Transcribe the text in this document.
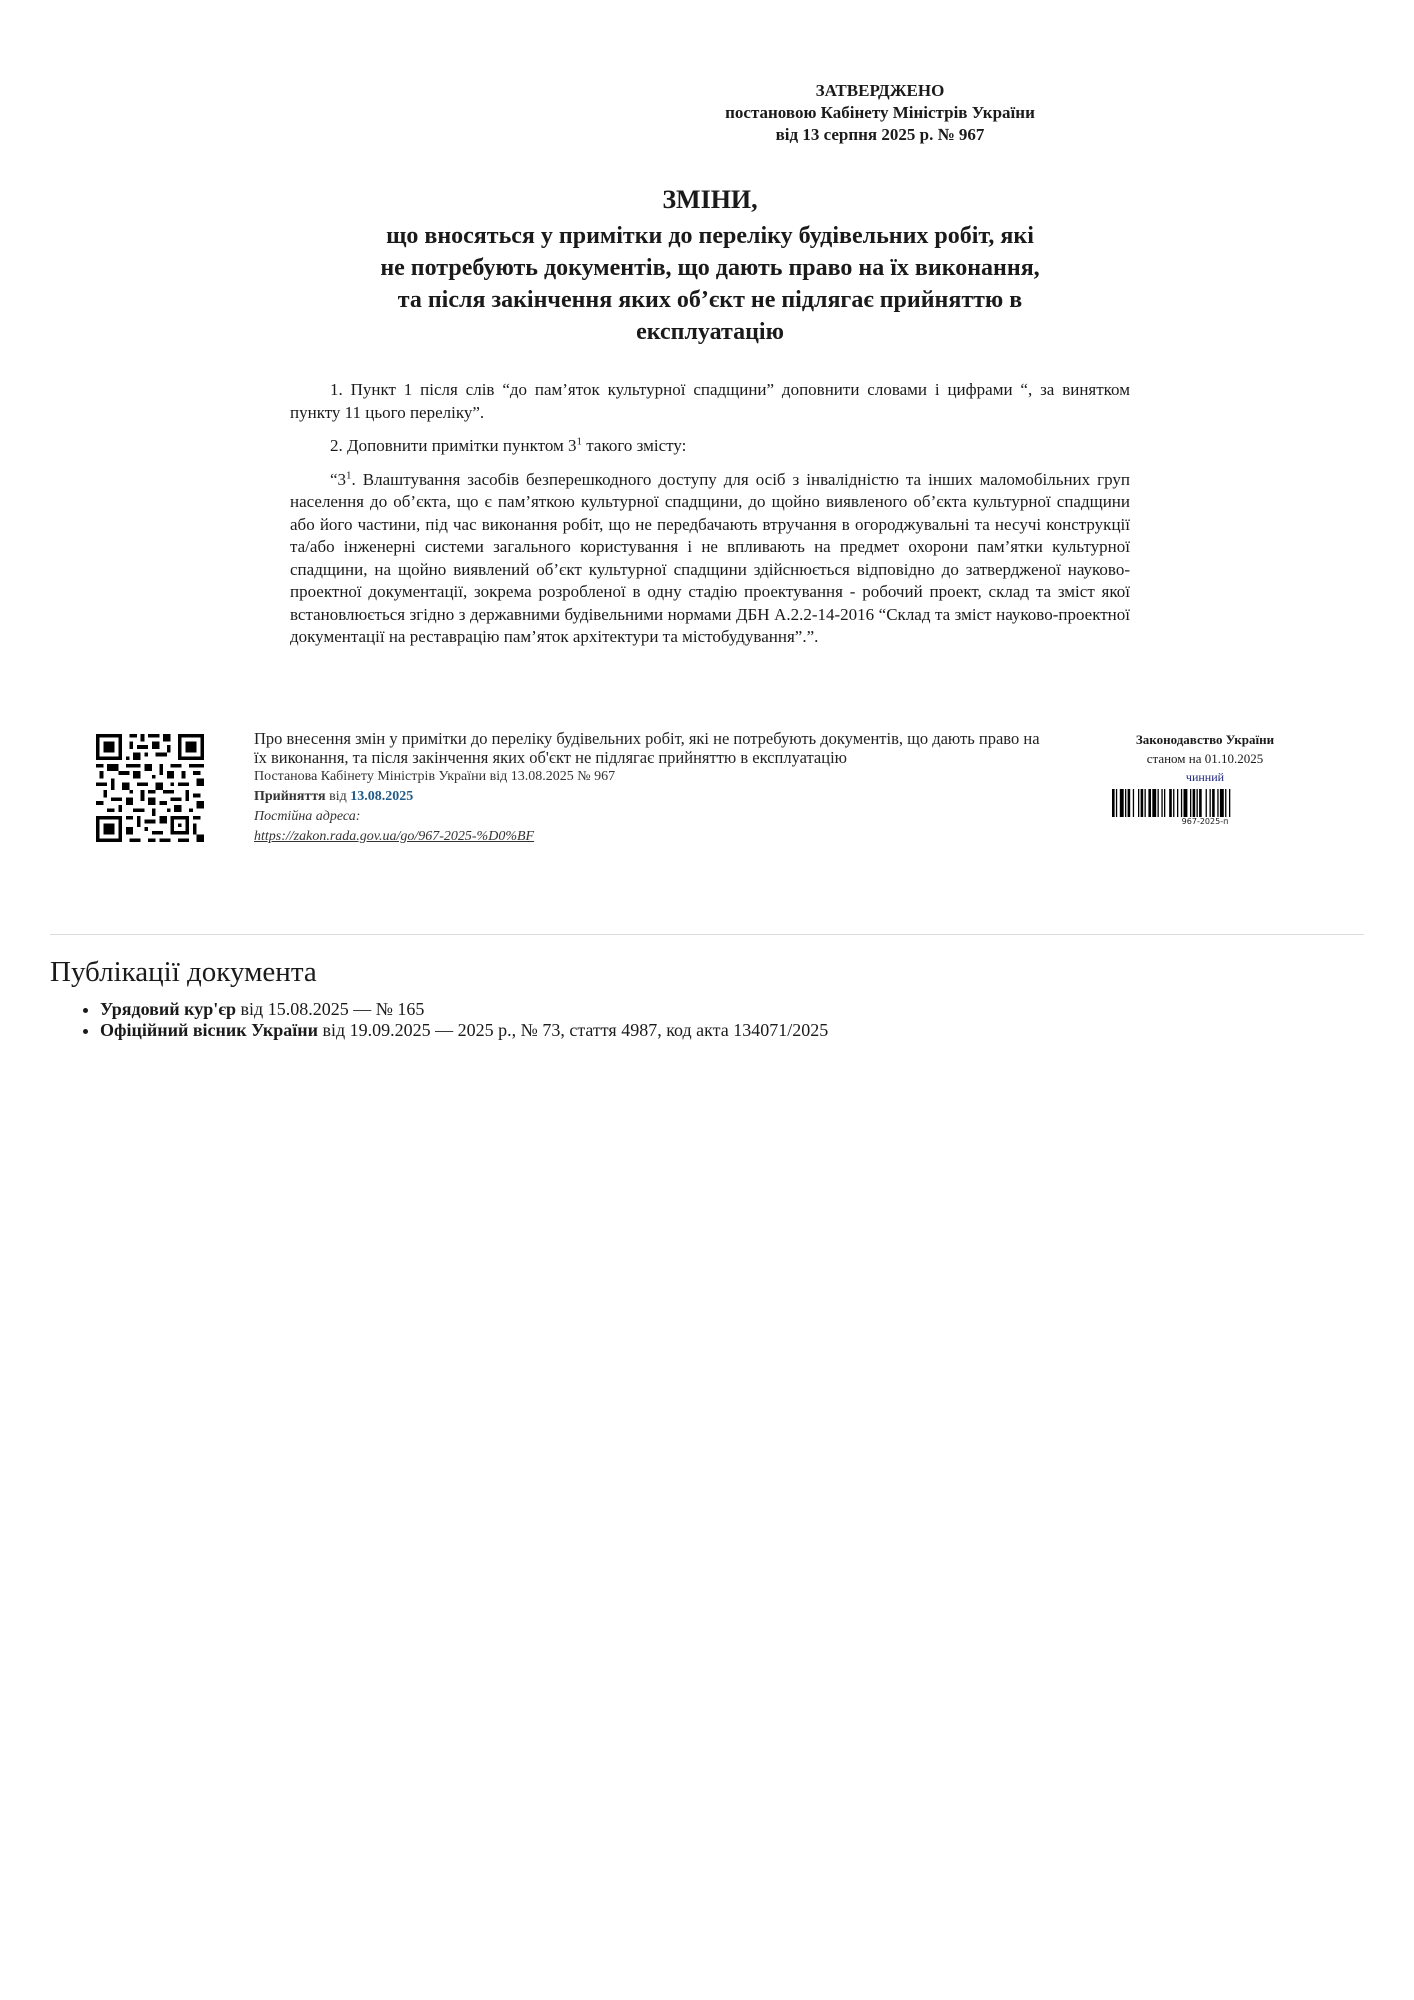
ЗАТВЕРДЖЕНО
постановою Кабінету Міністрів України
від 13 серпня 2025 р. № 967
ЗМІНИ,
що вносяться у примітки до переліку будівельних робіт, які
не потребують документів, що дають право на їх виконання,
та після закінчення яких об’єкт не підлягає прийняттю в
експлуатацію

1. Пункт 1 після слів “до пам’яток культурної спадщини” доповнити словами і цифрами “, за винятком пункту 11 цього переліку”.

2. Доповнити примітки пунктом $3^1$ такого змісту:

“$3^1$. Влаштування засобів безперешкодного доступу для осіб з інвалідністю та інших маломобільних груп населення до об’єкта, що є пам’яткою культурної спадщини, до щойно виявленого об’єкта культурної спадщини або його частини, під час виконання робіт, що не передбачають втручання в огороджувальні та несучі конструкції та/або інженерні системи загального користування і не впливають на предмет охорони пам’ятки культурної спадщини, на щойно виявлений об’єкт культурної спадщини здійснюється відповідно до затвердженої науково-проектної документації, зокрема розробленої в одну стадію проектування - робочий проект, склад та зміст якої встановлюється згідно з державними будівельними нормами ДБН А.2.2-14-2016 “Склад та зміст науково-проектної документації на реставрацію пам’яток архітектури та містобудування”.”.

Про внесення змін у примітки до переліку будівельних робіт, які не потребують документів, що дають право на їх виконання, та після закінчення яких об'єкт не підлягає прийняттю в експлуатацію
Постанова Кабінету Міністрів України від 13.08.2025 № 967
Прийняття від 13.08.2025
Постійна адреса:
https://zakon.rada.gov.ua/go/967-2025-%D0%BF
Законодавство України
станом на 01.10.2025
чинний
967-2025-п
Публікації документа
• Урядовий кур'єр від 15.08.2025 — № 165
• Офіційний вісник України від 19.09.2025 — 2025 р., № 73, стаття 4987, код акта 134071/2025
